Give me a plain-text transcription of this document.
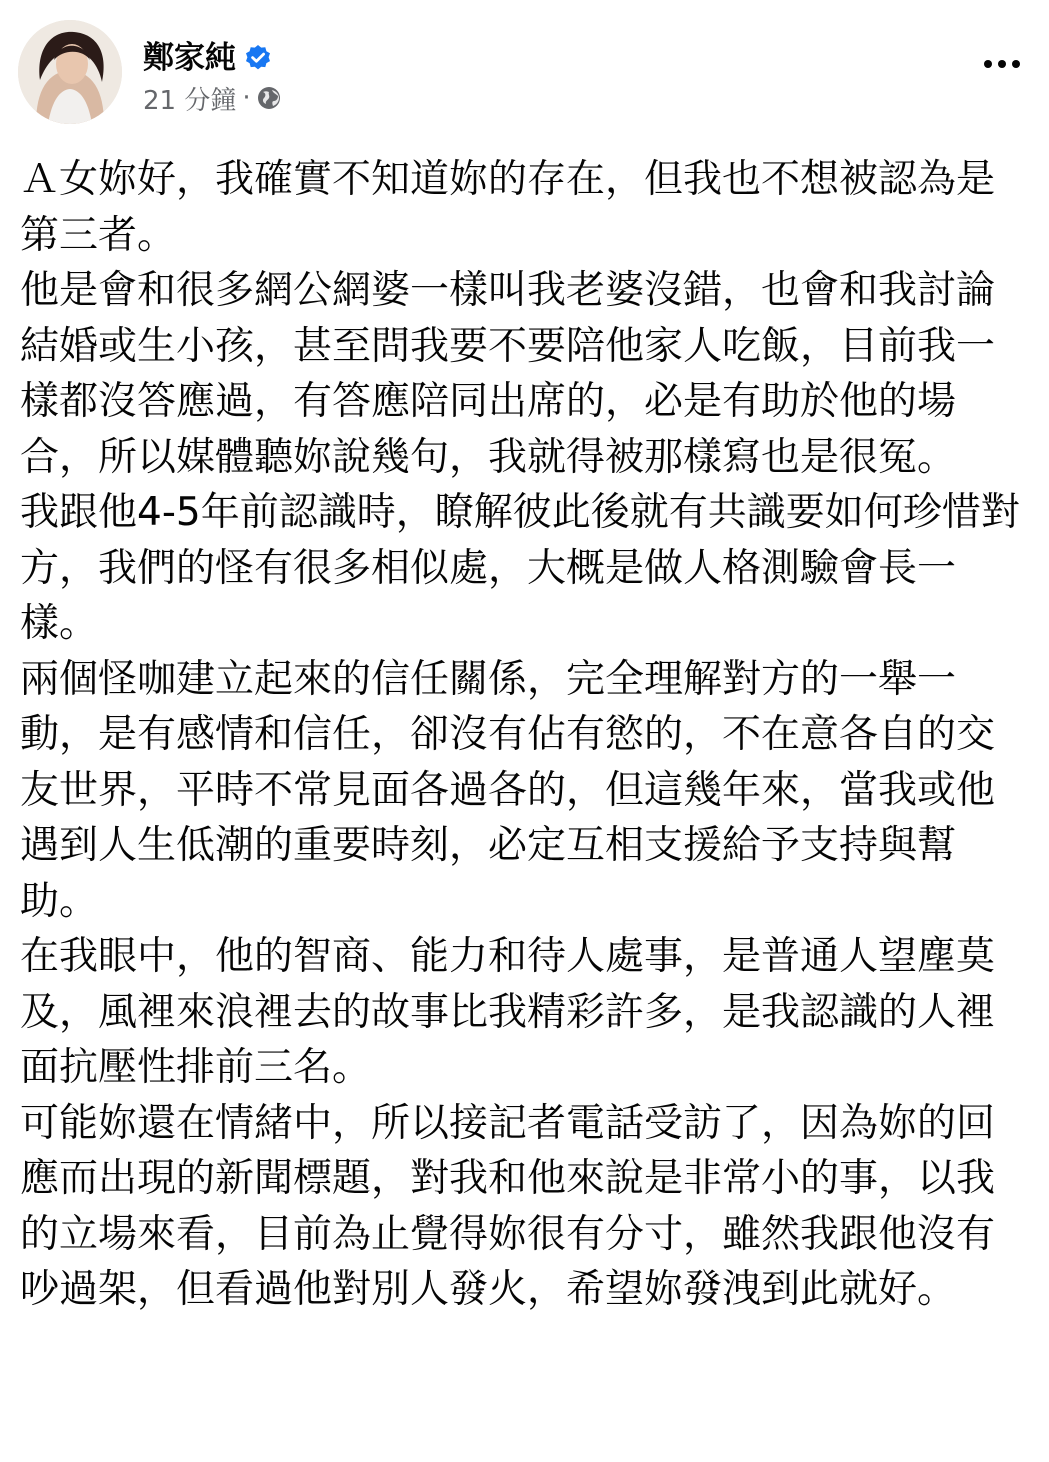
鄭家純
21 分鐘 ·

Ａ女妳好，我確實不知道妳的存在，但我也不想被認為是第三者。

他是會和很多網公網婆一樣叫我老婆沒錯，也會和我討論結婚或生小孩，甚至問我要不要陪他家人吃飯，目前我一樣都沒答應過，有答應陪同出席的，必是有助於他的場合，所以媒體聽妳說幾句，我就得被那樣寫也是很冤。

我跟他4-5年前認識時，瞭解彼此後就有共識要如何珍惜對方，我們的怪有很多相似處，大概是做人格測驗會長一樣。

兩個怪咖建立起來的信任關係，完全理解對方的一舉一動，是有感情和信任，卻沒有佔有慾的，不在意各自的交友世界，平時不常見面各過各的，但這幾年來，當我或他遇到人生低潮的重要時刻，必定互相支援給予支持與幫助。

在我眼中，他的智商、能力和待人處事，是普通人望塵莫及，風裡來浪裡去的故事比我精彩許多，是我認識的人裡面抗壓性排前三名。

可能妳還在情緒中，所以接記者電話受訪了，因為妳的回應而出現的新聞標題，對我和他來說是非常小的事，以我的立場來看，目前為止覺得妳很有分寸，雖然我跟他沒有吵過架，但看過他對別人發火，希望妳發洩到此就好。
